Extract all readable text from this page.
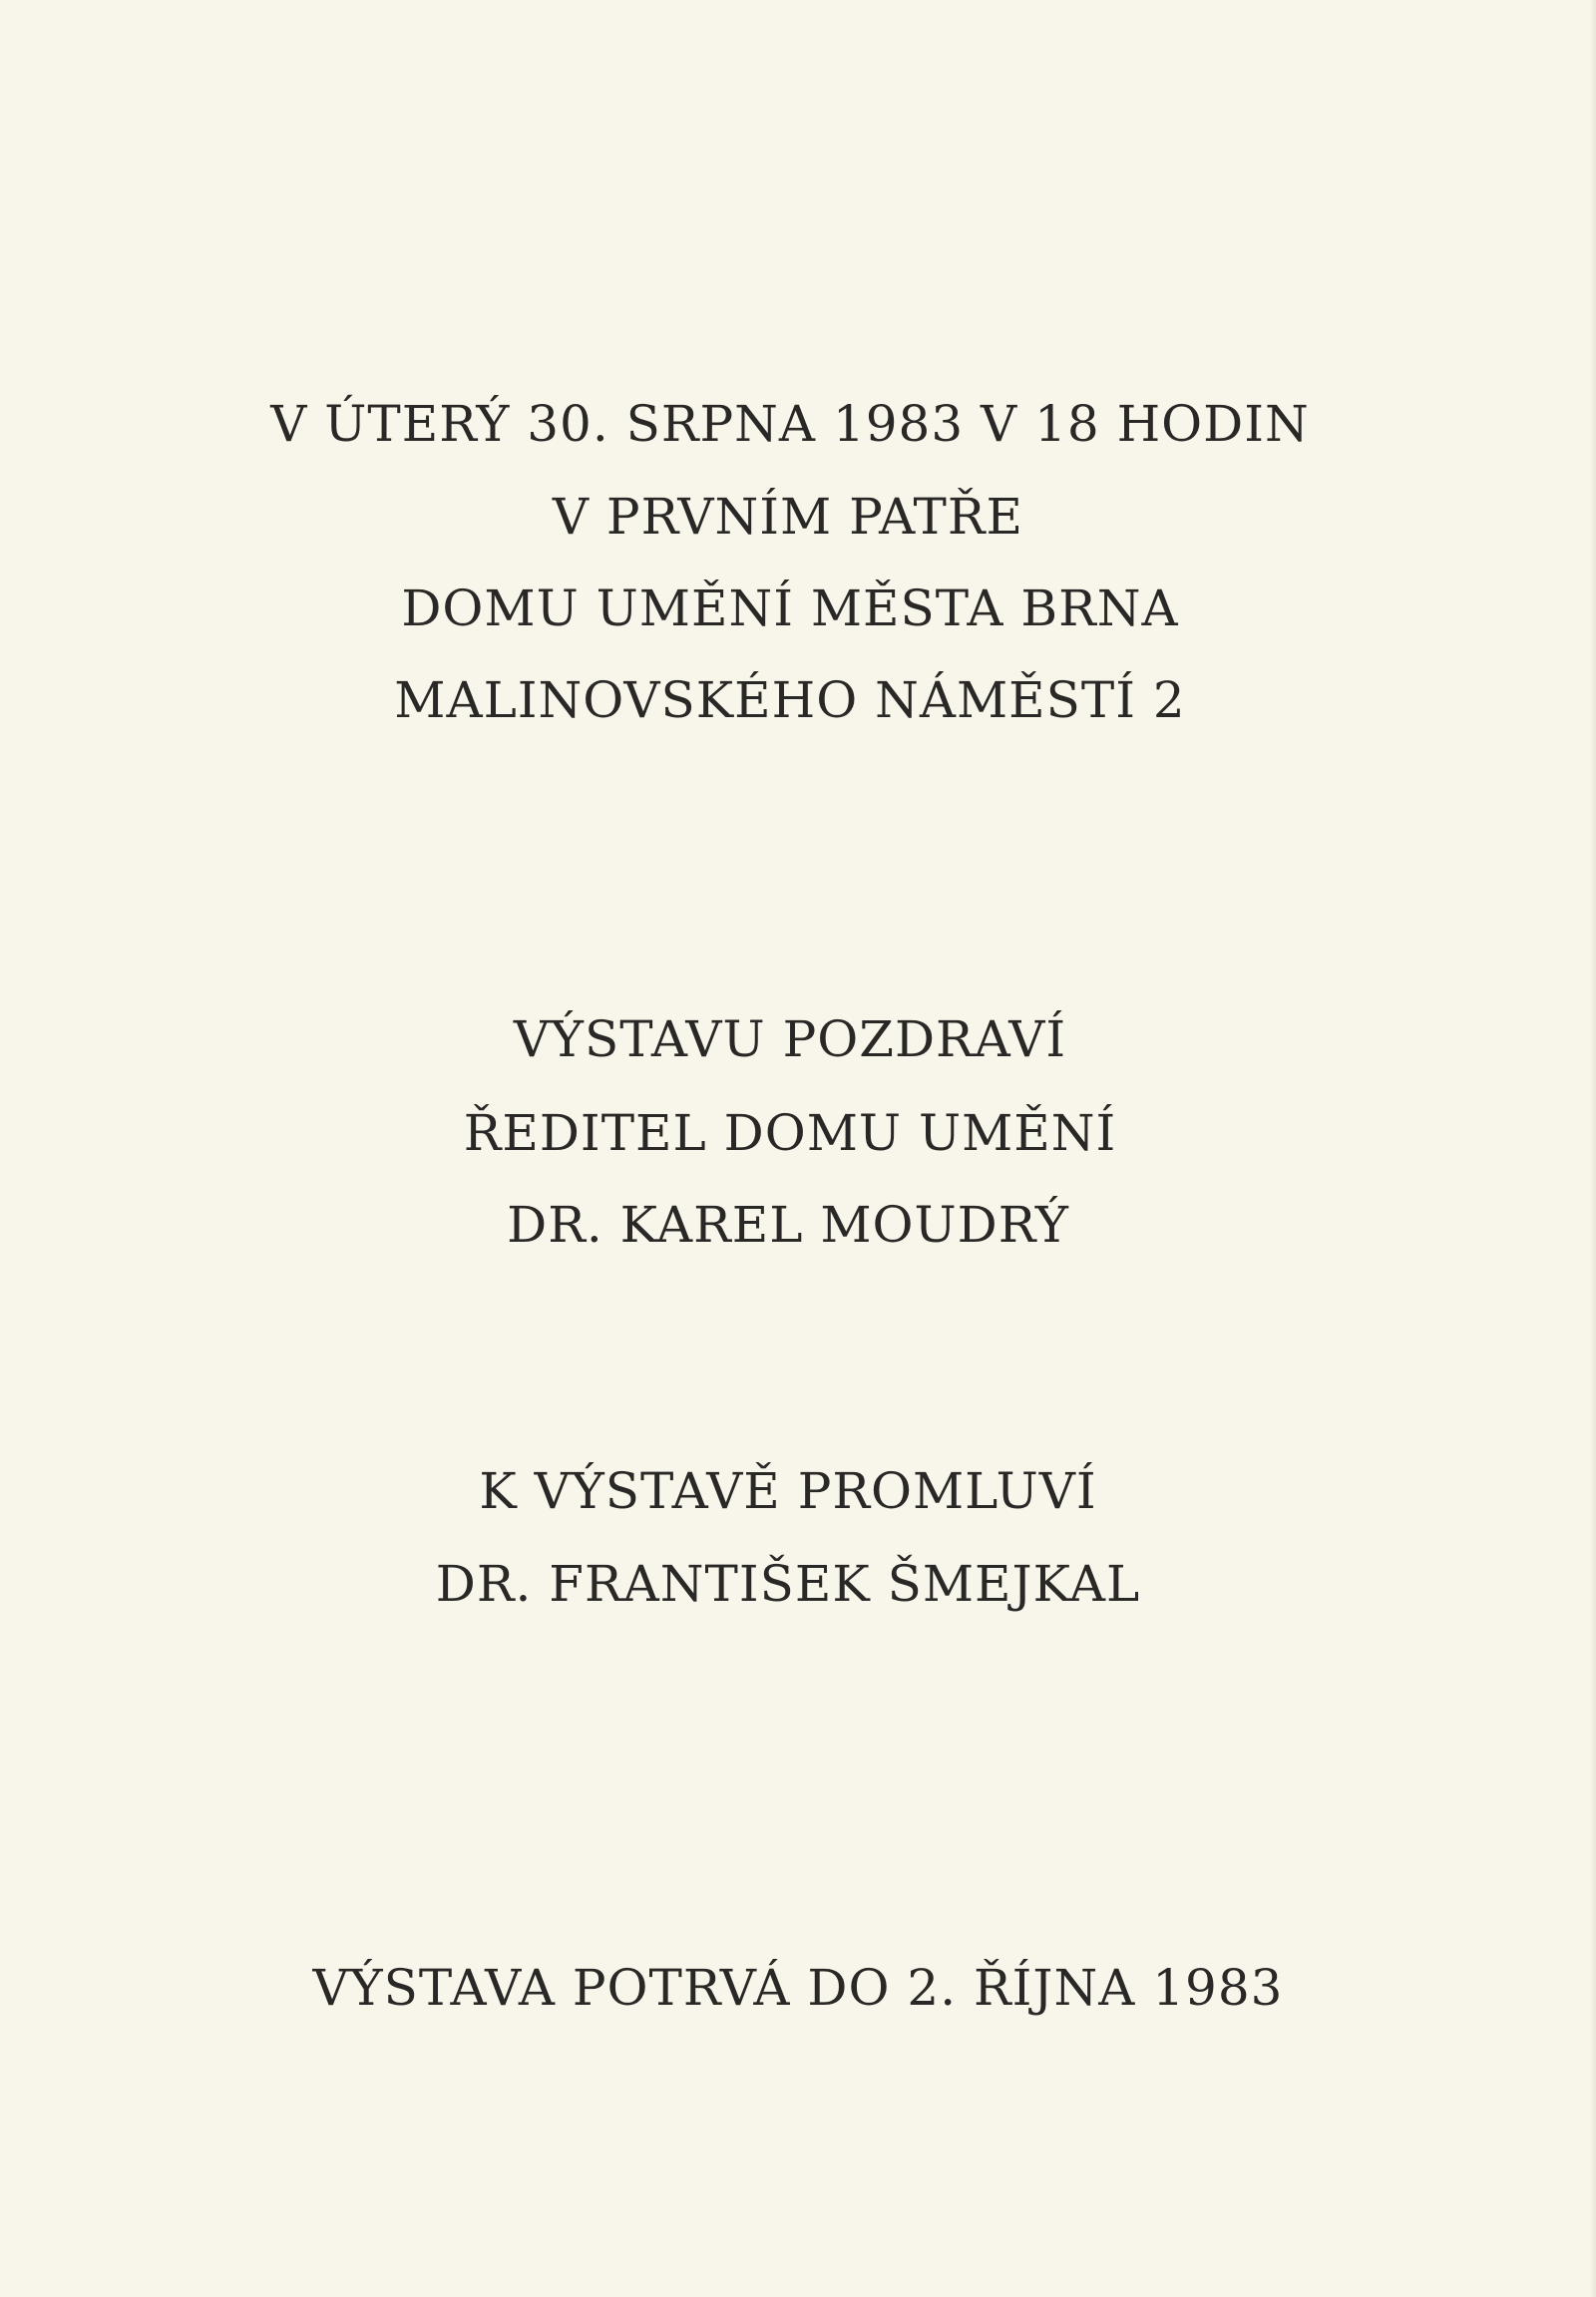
V ÚTERÝ 30. SRPNA 1983 V 18 HODIN

V PRVNÍM PATŘE

DOMU UMĚNÍ MĚSTA BRNA

MALINOVSKÉHO NÁMĚSTÍ 2

VÝSTAVU POZDRAVÍ

ŘEDITEL DOMU UMĚNÍ

DR. KAREL MOUDRÝ

K VÝSTAVĚ PROMLUVÍ

DR. FRANTIŠEK ŠMEJKAL

VÝSTAVA POTRVÁ DO 2. ŘÍJNA 1983
